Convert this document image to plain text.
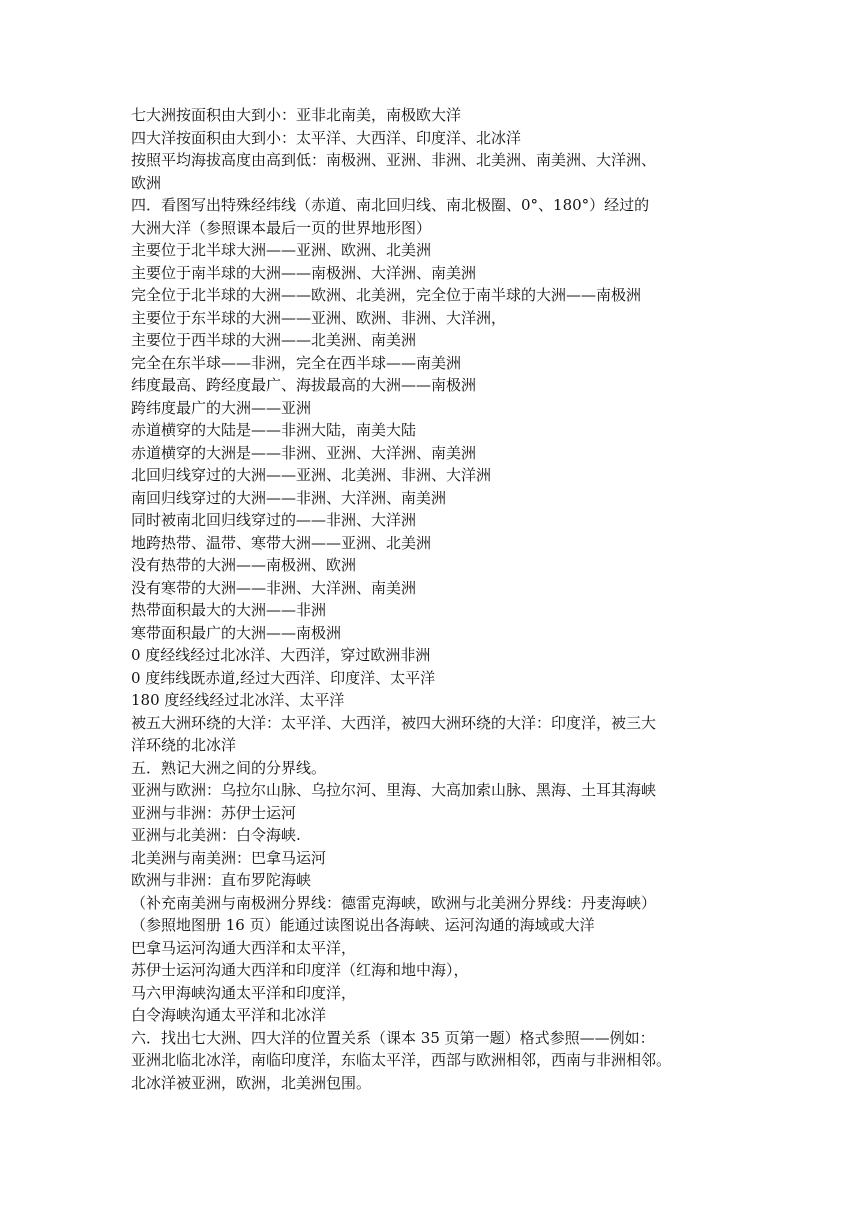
七大洲按面积由大到小：亚非北南美，南极欧大洋
四大洋按面积由大到小：太平洋、大西洋、印度洋、北冰洋
按照平均海拔高度由高到低：南极洲、亚洲、非洲、北美洲、南美洲、大洋洲、
欧洲
四．看图写出特殊经纬线（赤道、南北回归线、南北极圈、0°、180°）经过的
大洲大洋（参照课本最后一页的世界地形图）
主要位于北半球大洲——亚洲、欧洲、北美洲
主要位于南半球的大洲——南极洲、大洋洲、南美洲
完全位于北半球的大洲——欧洲、北美洲，完全位于南半球的大洲——南极洲
主要位于东半球的大洲——亚洲、欧洲、非洲、大洋洲，
主要位于西半球的大洲——北美洲、南美洲
完全在东半球——非洲，完全在西半球——南美洲
纬度最高、跨经度最广、海拔最高的大洲——南极洲
跨纬度最广的大洲——亚洲
赤道横穿的大陆是——非洲大陆，南美大陆
赤道横穿的大洲是——非洲、亚洲、大洋洲、南美洲
北回归线穿过的大洲——亚洲、北美洲、非洲、大洋洲
南回归线穿过的大洲——非洲、大洋洲、南美洲
同时被南北回归线穿过的——非洲、大洋洲
地跨热带、温带、寒带大洲——亚洲、北美洲
没有热带的大洲——南极洲、欧洲
没有寒带的大洲——非洲、大洋洲、南美洲
热带面积最大的大洲——非洲
寒带面积最广的大洲——南极洲
0 度经线经过北冰洋、大西洋，穿过欧洲非洲
0 度纬线既赤道,经过大西洋、印度洋、太平洋
180 度经线经过北冰洋、太平洋
被五大洲环绕的大洋：太平洋、大西洋，被四大洲环绕的大洋：印度洋，被三大
洋环绕的北冰洋
五．熟记大洲之间的分界线。
亚洲与欧洲：乌拉尔山脉、乌拉尔河、里海、大高加索山脉、黑海、土耳其海峡
亚洲与非洲：苏伊士运河
亚洲与北美洲：白令海峡.
北美洲与南美洲：巴拿马运河
欧洲与非洲：直布罗陀海峡
（补充南美洲与南极洲分界线：德雷克海峡，欧洲与北美洲分界线：丹麦海峡）
（参照地图册 16 页）能通过读图说出各海峡、运河沟通的海域或大洋
巴拿马运河沟通大西洋和太平洋，
苏伊士运河沟通大西洋和印度洋（红海和地中海），
马六甲海峡沟通太平洋和印度洋，
白令海峡沟通太平洋和北冰洋
六．找出七大洲、四大洋的位置关系（课本 35 页第一题）格式参照——例如：
亚洲北临北冰洋，南临印度洋，东临太平洋，西部与欧洲相邻，西南与非洲相邻。
北冰洋被亚洲，欧洲，北美洲包围。
